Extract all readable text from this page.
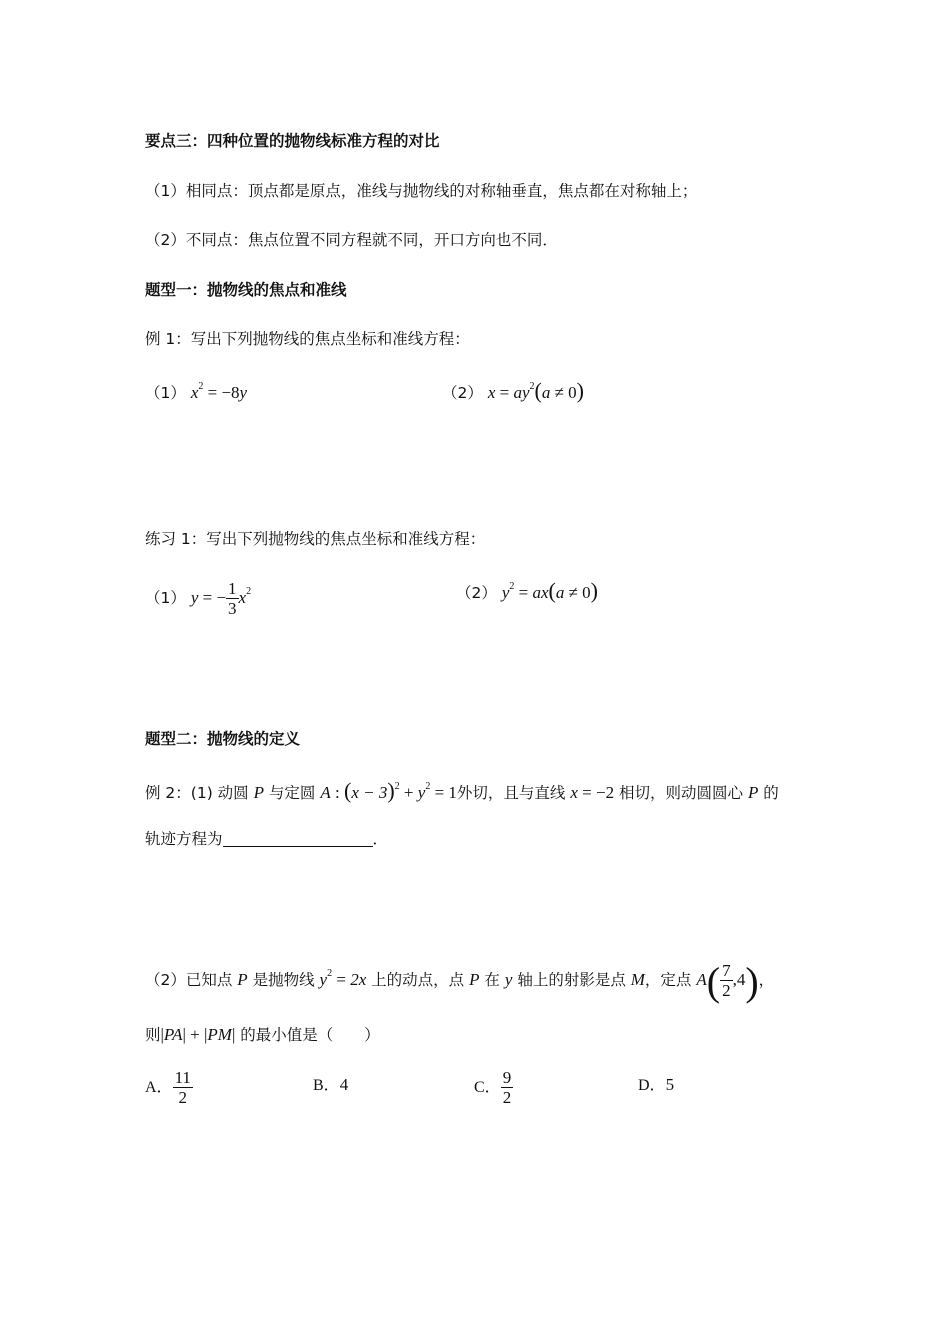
要点三：四种位置的抛物线标准方程的对比
（1）相同点：顶点都是原点，准线与抛物线的对称轴垂直，焦点都在对称轴上；
（2）不同点：焦点位置不同方程就不同，开口方向也不同．
题型一：抛物线的焦点和准线
例 1：写出下列抛物线的焦点坐标和准线方程：
（1） $x^2 = -8y$	（2） $x = ay^2(a \ne 0)$
练习 1：写出下列抛物线的焦点坐标和准线方程：
（1） y = − $\frac{1}{3} x^2$	（2） $y^2 = ax(a \ne 0)$
题型二：抛物线的定义
例 2：(1) 动圆 P 与定圆 A : $(x - 3)^2 + y^2 = 1$外切，且与直线 x = −2 相切，则动圆圆心 P 的
轨迹方程为	．
（2）已知点 P 是抛物线 $y^2 = 2x$ 上的动点，点 P 在 y 轴上的射影是点 M，定点 $A( \frac{7}{2} ,4)$，
则|PA| + |PM| 的最小值是（　　）
A． $\frac{11}{2}$	B．4	C． $\frac{9}{2}$	D．5
